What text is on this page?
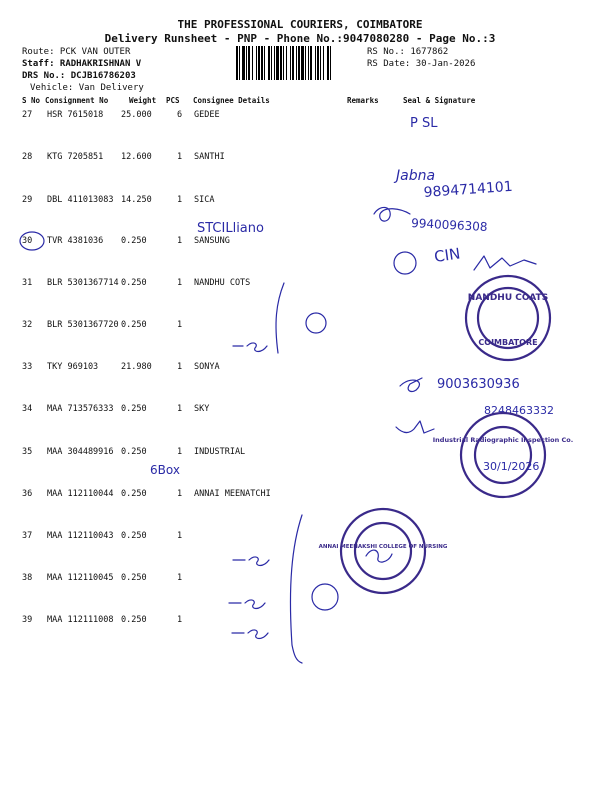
THE PROFESSIONAL COURIERS, COIMBATORE
Delivery Runsheet - PNP - Phone No.:9047080280 - Page No.:3
Route: PCK VAN OUTER
Staff: RADHAKRISHNAN V
DRS No.: DCJB16786203
Vehicle: Van Delivery
RS No.: 1677862
RS Date: 30-Jan-2026
S No Consignment No	Weight PCS Consignee Details	Remarks	Seal & Signature
27 HSR 7615018 25.000	6 GEDEE
28 KTG 7205851 12.600	1 SANTHI
29 DBL 411013083 14.250	1 SICA
30 TVR 4381036 0.250	1 SANSUNG
31 BLR 5301367714 0.250	1 NANDHU COTS
32 BLR 5301367720 0.250	1
33 TKY 969103	21.980	1 SONYA
34 MAA 713576333 0.250	1 SKY
35 MAA 304489916 0.250	1 INDUSTRIAL
36 MAA 112110044 0.250	1 ANNAI MEENATCHI
37 MAA 112110043 0.250	1
38 MAA 112110045 0.250	1
39 MAA 112111008 0.250	1
P SL
Jabna
9894714101
9940096308
STCILliano
CIN
NANDHU COATS
COIMBATORE
9003630936
8248463332
6Box
Industrial Radiographic Inspection Co.
30/1/2026
ANNAI MEENAKSHI COLLEGE OF NURSING
